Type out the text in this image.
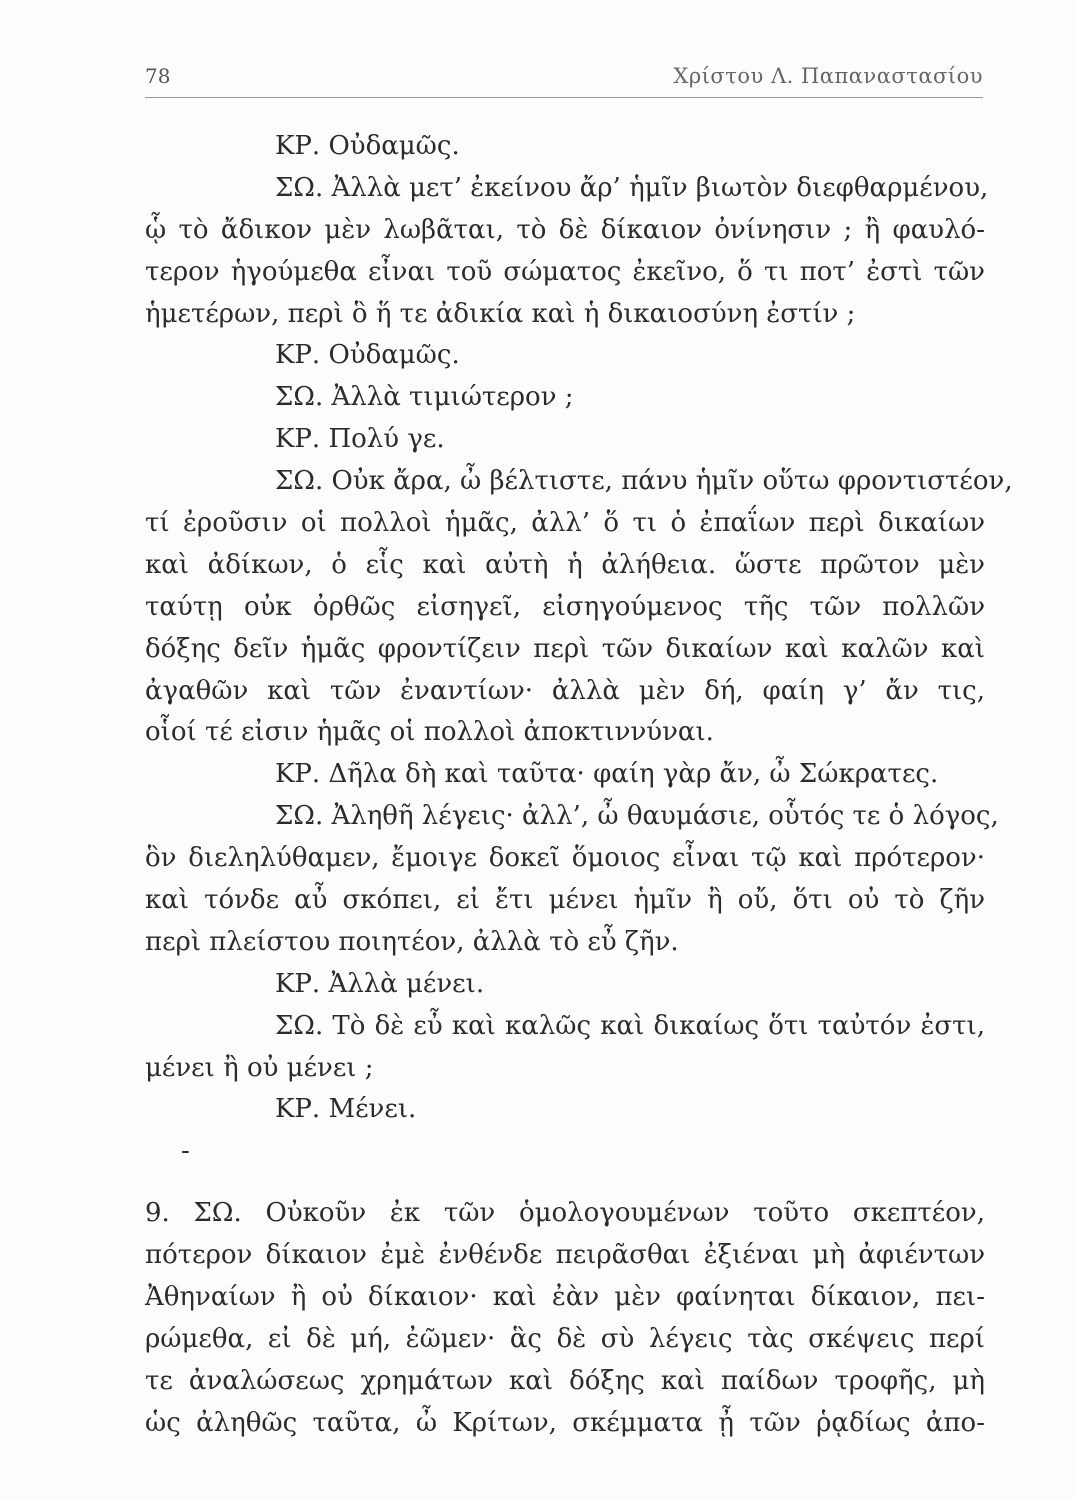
78	Χρίστου Λ. Παπαναστασίου
ΚΡ. Οὐδαμῶς.
ΣΩ. Ἀλλὰ μετ’ ἐκείνου ἄρ’ ἡμῖν βιωτὸν διεφθαρμένου,
ᾧ τὸ ἄδικον μὲν λωβᾶται, τὸ δὲ δίκαιον ὀνίνησιν ; ἢ φαυλό-
τερον ἡγούμεθα εἶναι τοῦ σώματος ἐκεῖνο, ὅ τι ποτ’ ἐστὶ τῶν
ἡμετέρων, περὶ ὃ ἥ τε ἀδικία καὶ ἡ δικαιοσύνη ἐστίν ;
ΚΡ. Οὐδαμῶς.
ΣΩ. Ἀλλὰ τιμιώτερον ;
ΚΡ. Πολύ γε.
ΣΩ. Οὐκ ἄρα, ὦ βέλτιστε, πάνυ ἡμῖν οὕτω φροντιστέον,
τί ἐροῦσιν οἱ πολλοὶ ἡμᾶς, ἀλλ’ ὅ τι ὁ ἐπαΐων περὶ δικαίων
καὶ ἀδίκων, ὁ εἷς καὶ αὐτὴ ἡ ἀλήθεια. ὥστε πρῶτον μὲν
ταύτῃ οὐκ ὀρθῶς εἰσηγεῖ, εἰσηγούμενος τῆς τῶν πολλῶν
δόξης δεῖν ἡμᾶς φροντίζειν περὶ τῶν δικαίων καὶ καλῶν καὶ
ἀγαθῶν καὶ τῶν ἐναντίων· ἀλλὰ μὲν δή, φαίη γ’ ἄν τις,
οἷοί τέ εἰσιν ἡμᾶς οἱ πολλοὶ ἀποκτιννύναι.
ΚΡ. Δῆλα δὴ καὶ ταῦτα· φαίη γὰρ ἄν, ὦ Σώκρατες.
ΣΩ. Ἀληθῆ λέγεις· ἀλλ’, ὦ θαυμάσιε, οὗτός τε ὁ λόγος,
ὃν διεληλύθαμεν, ἔμοιγε δοκεῖ ὅμοιος εἶναι τῷ καὶ πρότερον·
καὶ τόνδε αὖ σκόπει, εἰ ἔτι μένει ἡμῖν ἢ οὔ, ὅτι οὐ τὸ ζῆν
περὶ πλείστου ποιητέον, ἀλλὰ τὸ εὖ ζῆν.
ΚΡ. Ἀλλὰ μένει.
ΣΩ. Τὸ δὲ εὖ καὶ καλῶς καὶ δικαίως ὅτι ταὐτόν ἐστι,
μένει ἢ οὐ μένει ;
ΚΡ. Μένει.
-
9. ΣΩ. Οὐκοῦν ἐκ τῶν ὁμολογουμένων τοῦτο σκεπτέον,
πότερον δίκαιον ἐμὲ ἐνθένδε πειρᾶσθαι ἐξιέναι μὴ ἀφιέντων
Ἀθηναίων ἢ οὐ δίκαιον· καὶ ἐὰν μὲν φαίνηται δίκαιον, πει-
ρώμεθα, εἰ δὲ μή, ἐῶμεν· ἃς δὲ σὺ λέγεις τὰς σκέψεις περί
τε ἀναλώσεως χρημάτων καὶ δόξης καὶ παίδων τροφῆς, μὴ
ὡς ἀληθῶς ταῦτα, ὦ Κρίτων, σκέμματα ᾖ τῶν ῥᾳδίως ἀπο-
